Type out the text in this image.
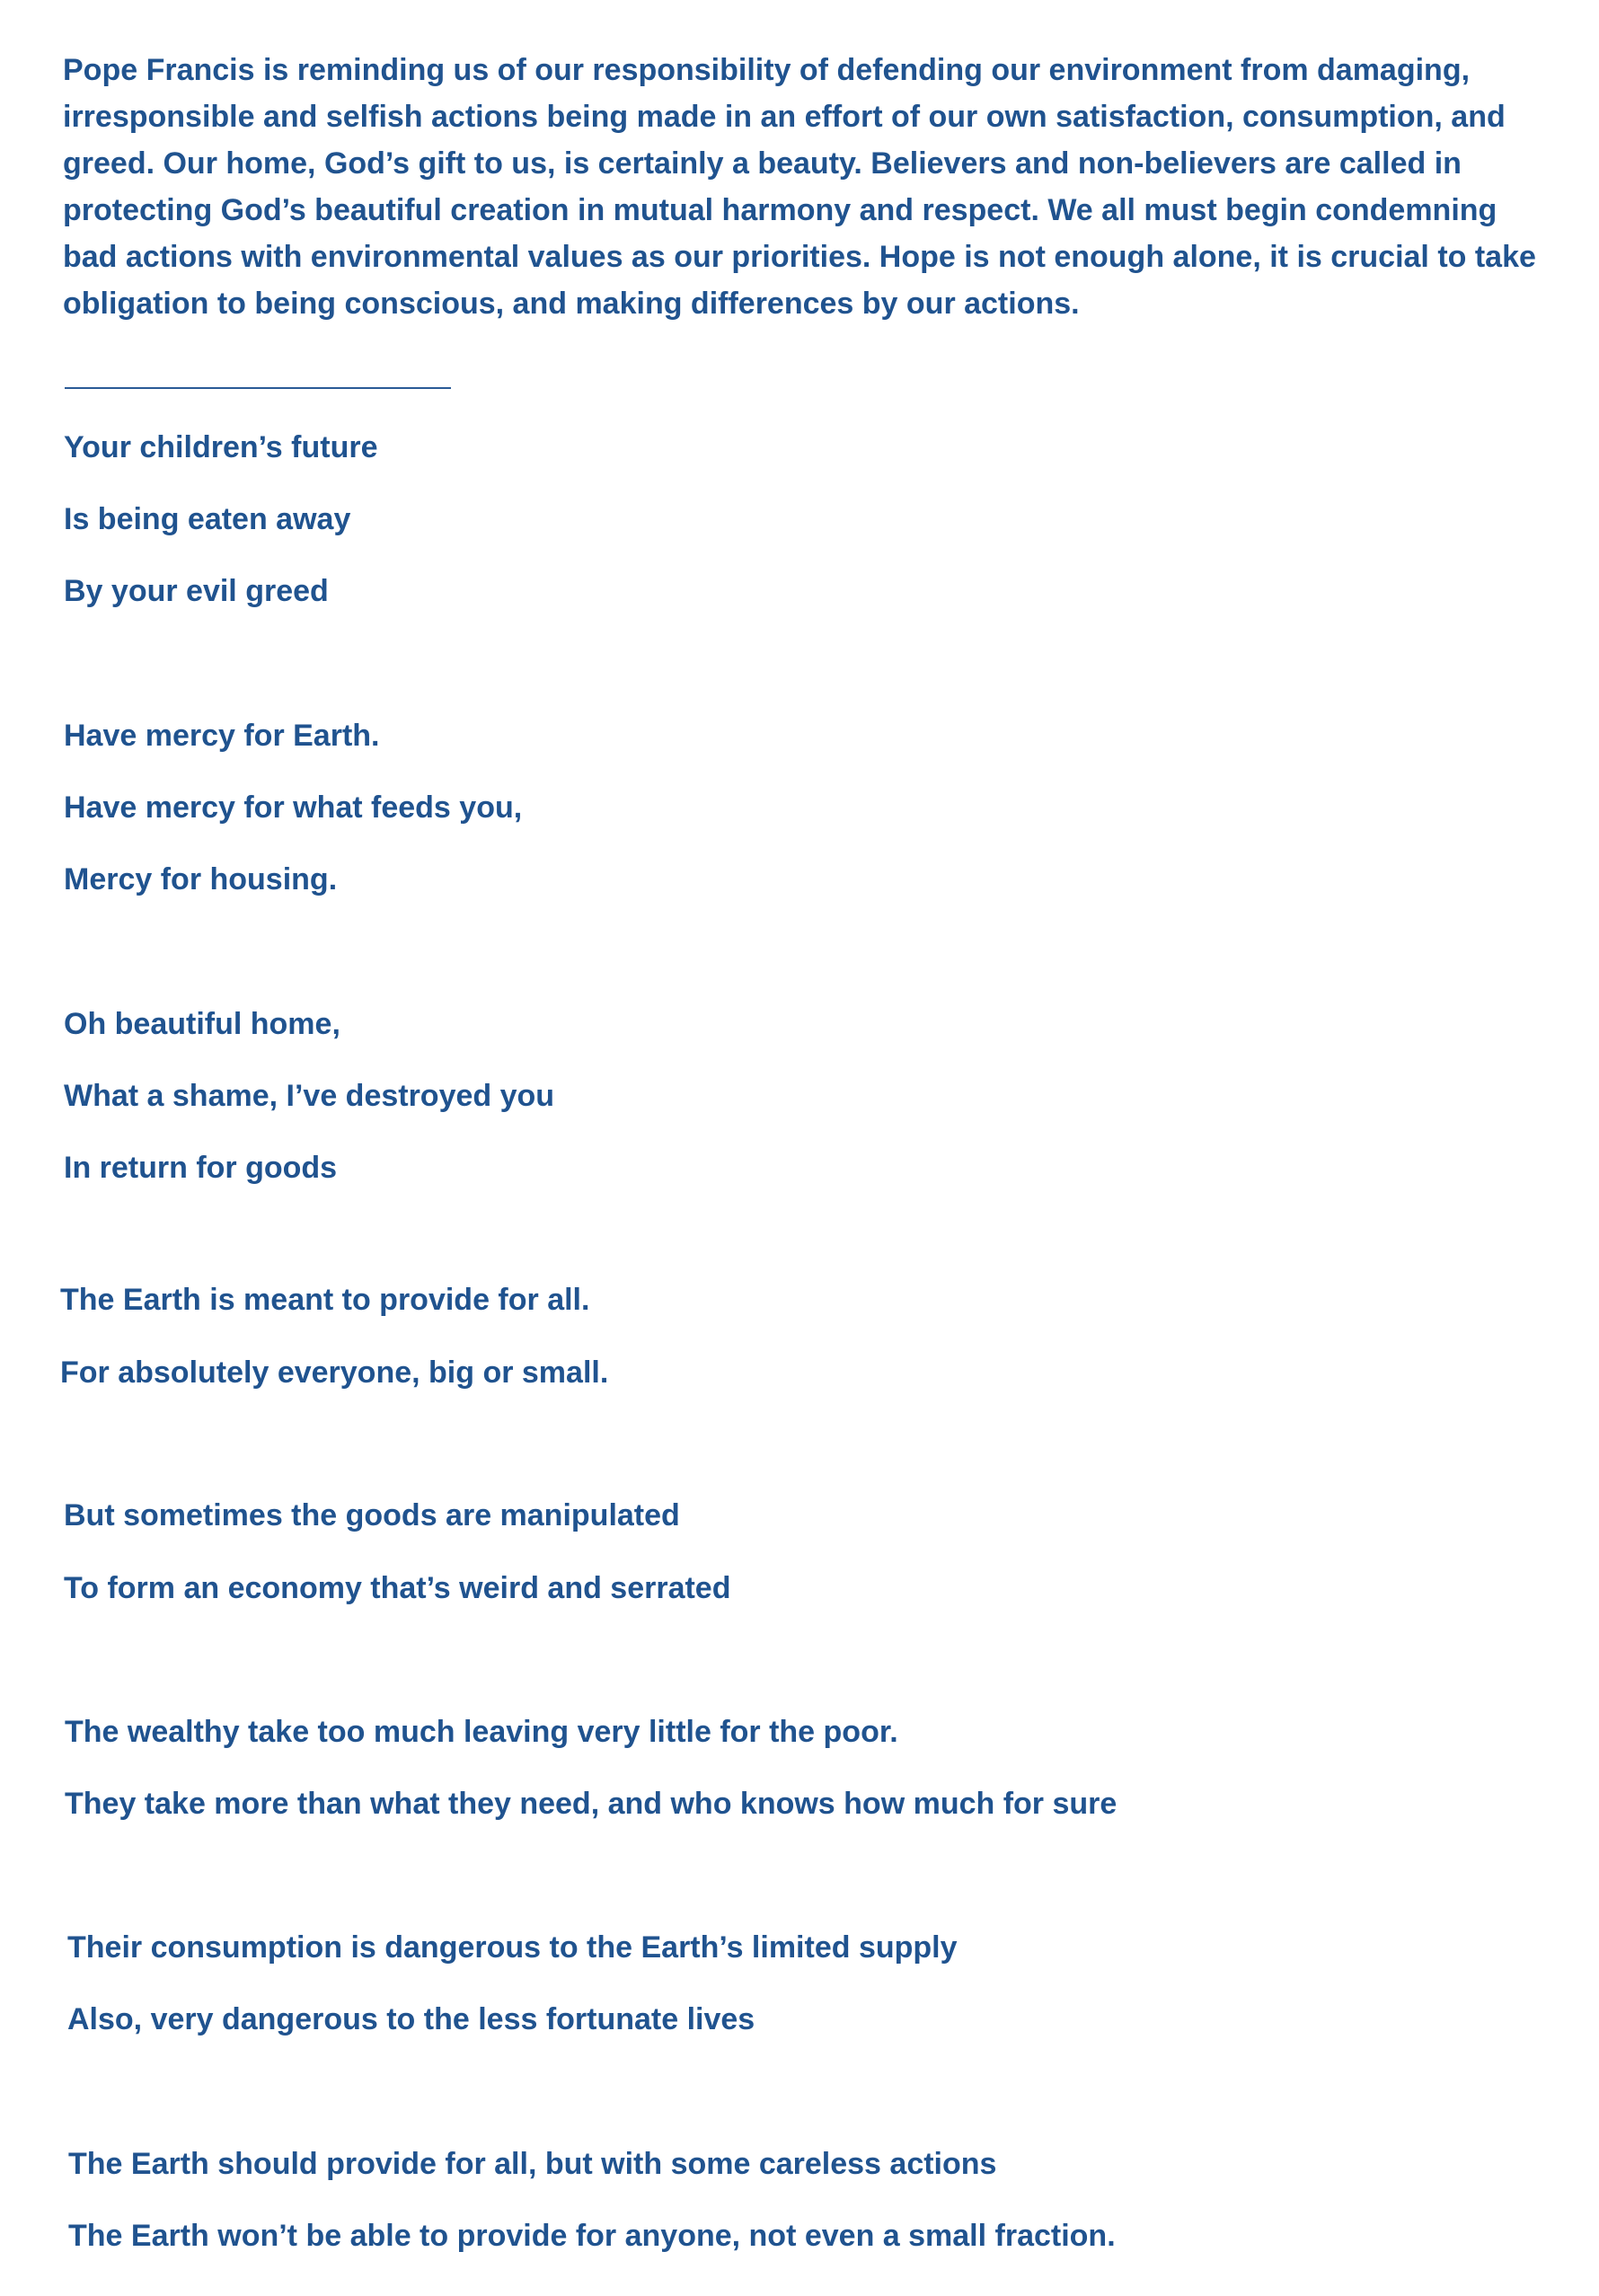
Pope Francis is reminding us of our responsibility of defending our environment from damaging, irresponsible and selfish actions being made in an effort of our own satisfaction, consumption, and greed. Our home, God’s gift to us, is certainly a beauty. Believers and non-believers are called in protecting God’s beautiful creation in mutual harmony and respect. We all must begin condemning bad actions with environmental values as our priorities. Hope is not enough alone, it is crucial to take obligation to being conscious, and making differences by our actions.

Your children’s future
Is being eaten away
By your evil greed
Have mercy for Earth.
Have mercy for what feeds you,
Mercy for housing.
Oh beautiful home,
What a shame, I’ve destroyed you
In return for goods
The Earth is meant to provide for all.
For absolutely everyone, big or small.
But sometimes the goods are manipulated
To form an economy that’s weird and serrated
The wealthy take too much leaving very little for the poor.
They take more than what they need, and who knows how much for sure
Their consumption is dangerous to the Earth’s limited supply
Also, very dangerous to the less fortunate lives
The Earth should provide for all, but with some careless actions
The Earth won’t be able to provide for anyone, not even a small fraction.
